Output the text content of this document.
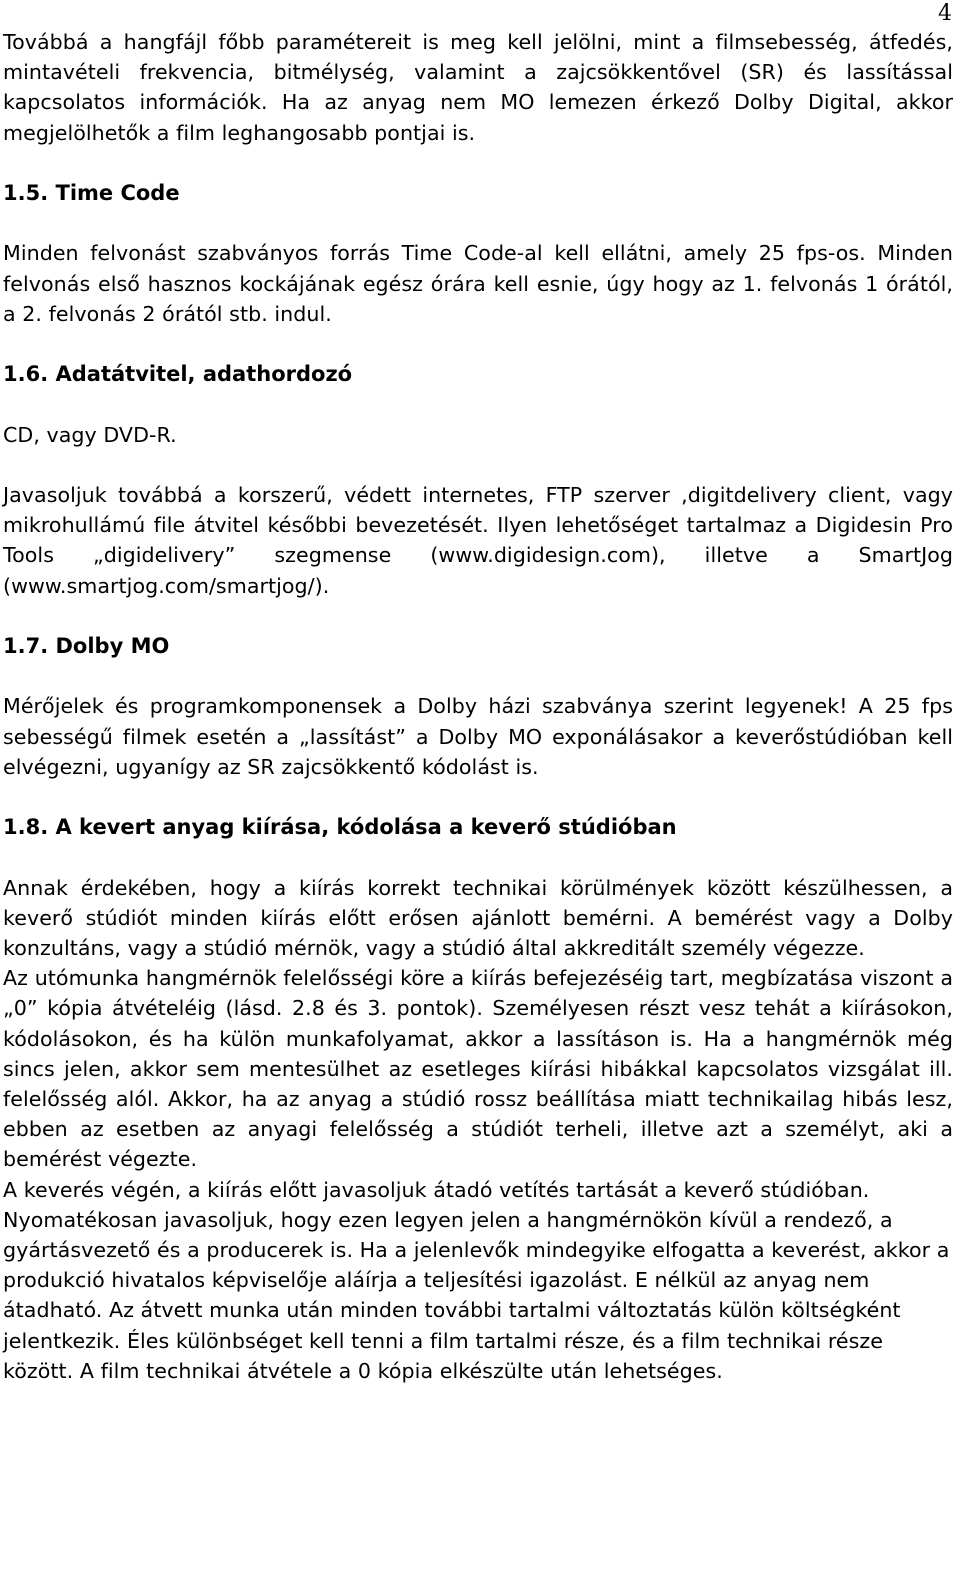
4

Továbbá a hangfájl főbb paramétereit is meg kell jelölni, mint a filmsebesség, átfedés, mintavételi frekvencia, bitmélység, valamint a zajcsökkentővel (SR) és lassítással kapcsolatos információk. Ha az anyag nem MO lemezen érkező Dolby Digital, akkor megjelölhetők a film leghangosabb pontjai is.

1.5. Time Code

Minden felvonást szabványos forrás Time Code-al kell ellátni, amely 25 fps-os. Minden felvonás első hasznos kockájának egész órára kell esnie, úgy hogy az 1. felvonás 1 órától, a 2. felvonás 2 órától stb. indul.

1.6. Adatátvitel, adathordozó

CD, vagy DVD-R.

Javasoljuk továbbá a korszerű, védett internetes, FTP szerver ,digitdelivery client, vagy mikrohullámú file átvitel későbbi bevezetését. Ilyen lehetőséget tartalmaz a Digidesin Pro Tools „digidelivery” szegmense (www.digidesign.com), illetve a SmartJog (www.smartjog.com/smartjog/).

1.7. Dolby MO

Mérőjelek és programkomponensek a Dolby házi szabványa szerint legyenek! A 25 fps sebességű filmek esetén a „lassítást” a Dolby MO exponálásakor a keverőstúdióban kell elvégezni, ugyanígy az SR zajcsökkentő kódolást is.

1.8. A kevert anyag kiírása, kódolása a keverő stúdióban

Annak érdekében, hogy a kiírás korrekt technikai körülmények között készülhessen, a keverő stúdiót minden kiírás előtt erősen ajánlott bemérni. A bemérést vagy a Dolby konzultáns, vagy a stúdió mérnök, vagy a stúdió által akkreditált személy végezze.

Az utómunka hangmérnök felelősségi köre a kiírás befejezéséig tart, megbízatása viszont a „0” kópia átvételéig (lásd. 2.8 és 3. pontok). Személyesen részt vesz tehát a kiírásokon, kódolásokon, és ha külön munkafolyamat, akkor a lassításon is. Ha a hangmérnök még sincs jelen, akkor sem mentesülhet az esetleges kiírási hibákkal kapcsolatos vizsgálat ill. felelősség alól. Akkor, ha az anyag a stúdió rossz beállítása miatt technikailag hibás lesz, ebben az esetben az anyagi felelősség a stúdiót terheli, illetve azt a személyt, aki a bemérést végezte.

A keverés végén, a kiírás előtt javasoljuk átadó vetítés tartását a keverő stúdióban. Nyomatékosan javasoljuk, hogy ezen legyen jelen a hangmérnökön kívül a rendező, a gyártásvezető és a producerek is. Ha a jelenlevők mindegyike elfogatta a keverést, akkor a produkció hivatalos képviselője aláírja a teljesítési igazolást. E nélkül az anyag nem átadható. Az átvett munka után minden további tartalmi változtatás külön költségként jelentkezik. Éles különbséget kell tenni a film tartalmi része, és a film technikai része között. A film technikai átvétele a 0 kópia elkészülte után lehetséges.
